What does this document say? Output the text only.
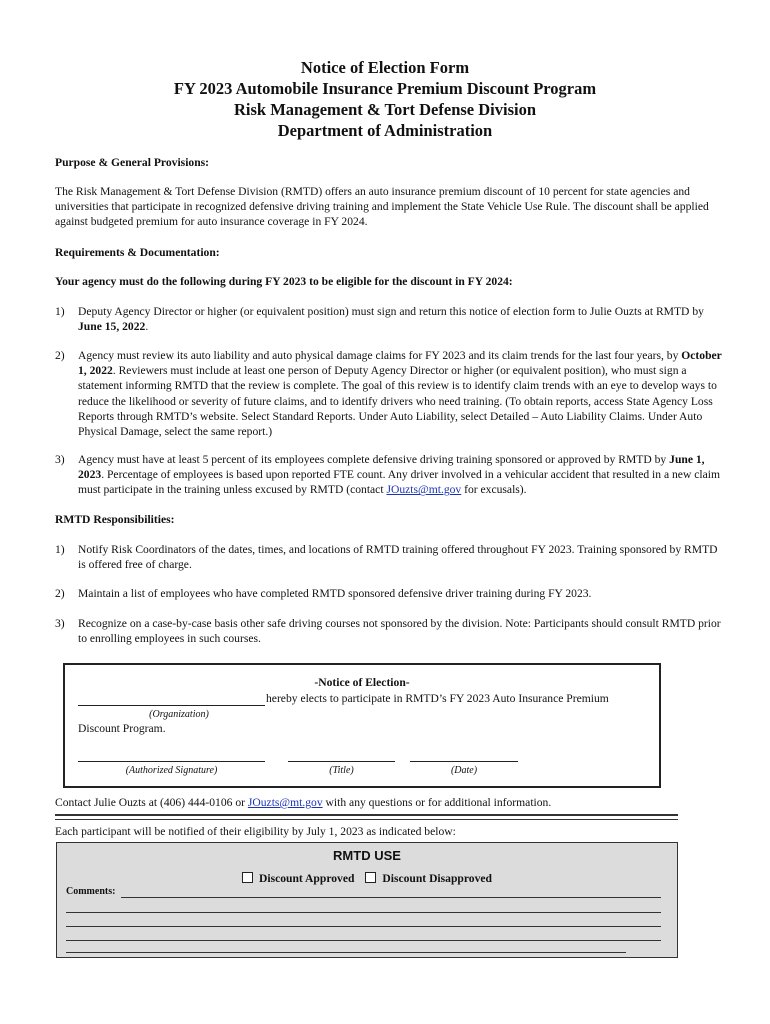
Notice of Election Form
FY 2023 Automobile Insurance Premium Discount Program
Risk Management & Tort Defense Division
Department of Administration
Purpose & General Provisions:
The Risk Management & Tort Defense Division (RMTD) offers an auto insurance premium discount of 10 percent for state agencies and universities that participate in recognized defensive driving training and implement the State Vehicle Use Rule. The discount shall be applied against budgeted premium for auto insurance coverage in FY 2024.
Requirements & Documentation:
Your agency must do the following during FY 2023 to be eligible for the discount in FY 2024:
1)	Deputy Agency Director or higher (or equivalent position) must sign and return this notice of election form to Julie Ouzts at RMTD by June 15, 2022.
2)	Agency must review its auto liability and auto physical damage claims for FY 2023 and its claim trends for the last four years, by October 1, 2022. Reviewers must include at least one person of Deputy Agency Director or higher (or equivalent position), who must sign a statement informing RMTD that the review is complete. The goal of this review is to identify claim trends with an eye to develop ways to reduce the likelihood or severity of future claims, and to identify drivers who need training. (To obtain reports, access State Agency Loss Reports through RMTD’s website. Select Standard Reports. Under Auto Liability, select Detailed – Auto Liability Claims. Under Auto Physical Damage, select the same report.)
3)	Agency must have at least 5 percent of its employees complete defensive driving training sponsored or approved by RMTD by June 1, 2023. Percentage of employees is based upon reported FTE count. Any driver involved in a vehicular accident that resulted in a new claim must participate in the training unless excused by RMTD (contact JOuzts@mt.gov for excusals).
RMTD Responsibilities:
1)	Notify Risk Coordinators of the dates, times, and locations of RMTD training offered throughout FY 2023. Training sponsored by RMTD is offered free of charge.
2)	Maintain a list of employees who have completed RMTD sponsored defensive driver training during FY 2023.
3)	Recognize on a case-by-case basis other safe driving courses not sponsored by the division. Note: Participants should consult RMTD prior to enrolling employees in such courses.
-Notice of Election-
hereby elects to participate in RMTD’s FY 2023 Auto Insurance Premium
(Organization)
Discount Program.
(Authorized Signature)	(Title)	(Date)
Contact Julie Ouzts at (406) 444-0106 or JOuzts@mt.gov with any questions or for additional information.
Each participant will be notified of their eligibility by July 1, 2023 as indicated below:
RMTD USE
Discount Approved Discount Disapproved
Comments:
